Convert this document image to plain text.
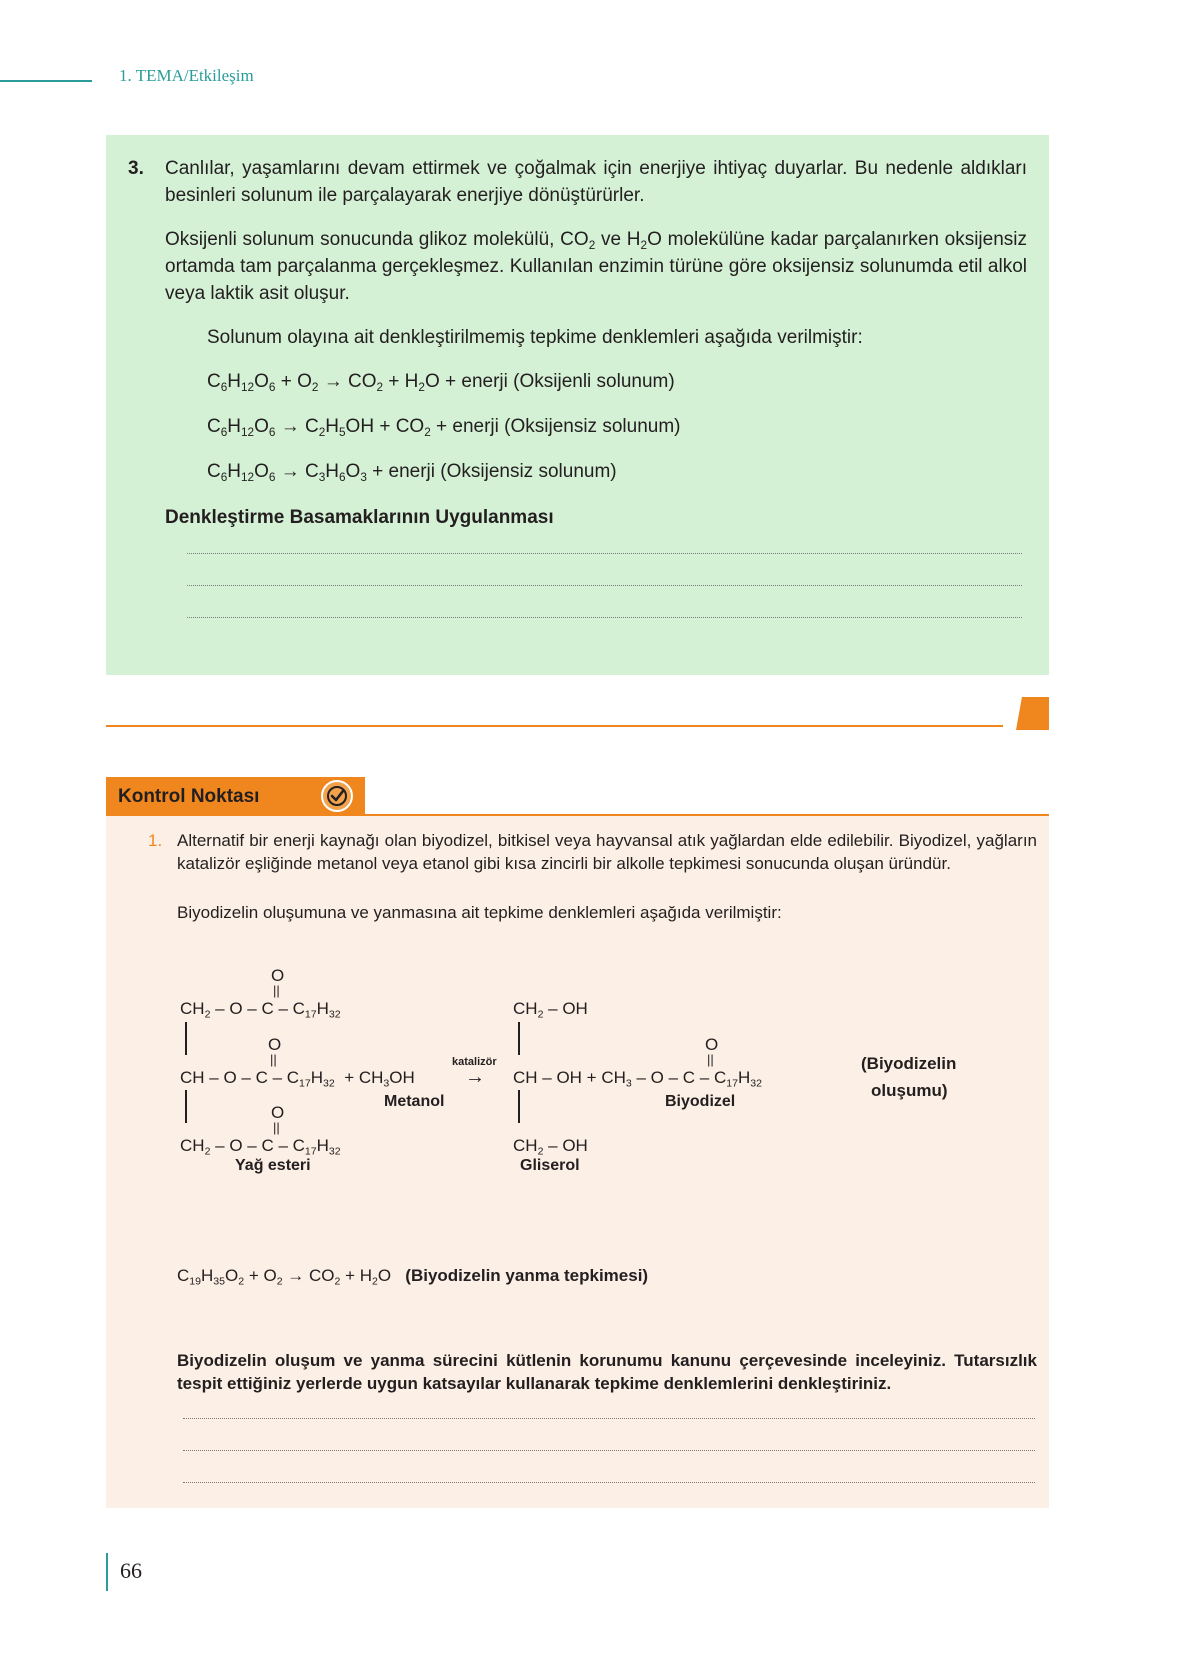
1. TEMA/Etkileşim
3. Canlılar, yaşamlarını devam ettirmek ve çoğalmak için enerjiye ihtiyaç duyarlar. Bu nedenle aldıkları besinleri solunum ile parçalayarak enerjiye dönüştürürler.
Oksijenli solunum sonucunda glikoz molekülü, $CO_2$ ve $H_2O$ molekülüne kadar parçalanırken oksijensiz ortamda tam parçalanma gerçekleşmez. Kullanılan enzimin türüne göre oksijensiz solunumda etil alkol veya laktik asit oluşur.
Solunum olayına ait denkleştirilmemiş tepkime denklemleri aşağıda verilmiştir:
$C_6H_{12}O_6 + O_2 \to CO_2 + H_2O$ + enerji (Oksijenli solunum)
$C_6H_{12}O_6 \to C_2H_5OH + CO_2$ + enerji (Oksijensiz solunum)
$C_6H_{12}O_6 \to C_3H_6O_3$ + enerji (Oksijensiz solunum)
Denkleştirme Basamaklarının Uygulanması
Kontrol Noktası
1. Alternatif bir enerji kaynağı olan biyodizel, bitkisel veya hayvansal atık yağlardan elde edilebilir. Biyodizel, yağların katalizör eşliğinde metanol veya etanol gibi kısa zincirli bir alkolle tepkimesi sonucunda oluşan üründür.
Biyodizelin oluşumuna ve yanmasına ait tepkime denklemleri aşağıda verilmiştir:
O
||
$CH_2$ – O – C – $C_{17}H_{32}$
O
||
CH – $O - C - C_{17}H_{32} + CH_3OH$
O
||
$CH_2$ – O – C – $C_{17}H_{32}$
Yağ esteri
Metanol
katalizör
→
$CH_2$ – OH
O
||
CH – OH + $CH_3$ – O – C – $C_{17}H_{32}$
$CH_2$ – OH
Gliserol
Biyodizel
(Biyodizelin
oluşumu)
$C_{19}H_{35}O_2 + O_2 \to CO_2 + H_2O$   (Biyodizelin yanma tepkimesi)
Biyodizelin oluşum ve yanma sürecini kütlenin korunumu kanunu çerçevesinde inceleyiniz. Tutarsızlık tespit ettiğiniz yerlerde uygun katsayılar kullanarak tepkime denklemlerini denkleştiriniz.
66
